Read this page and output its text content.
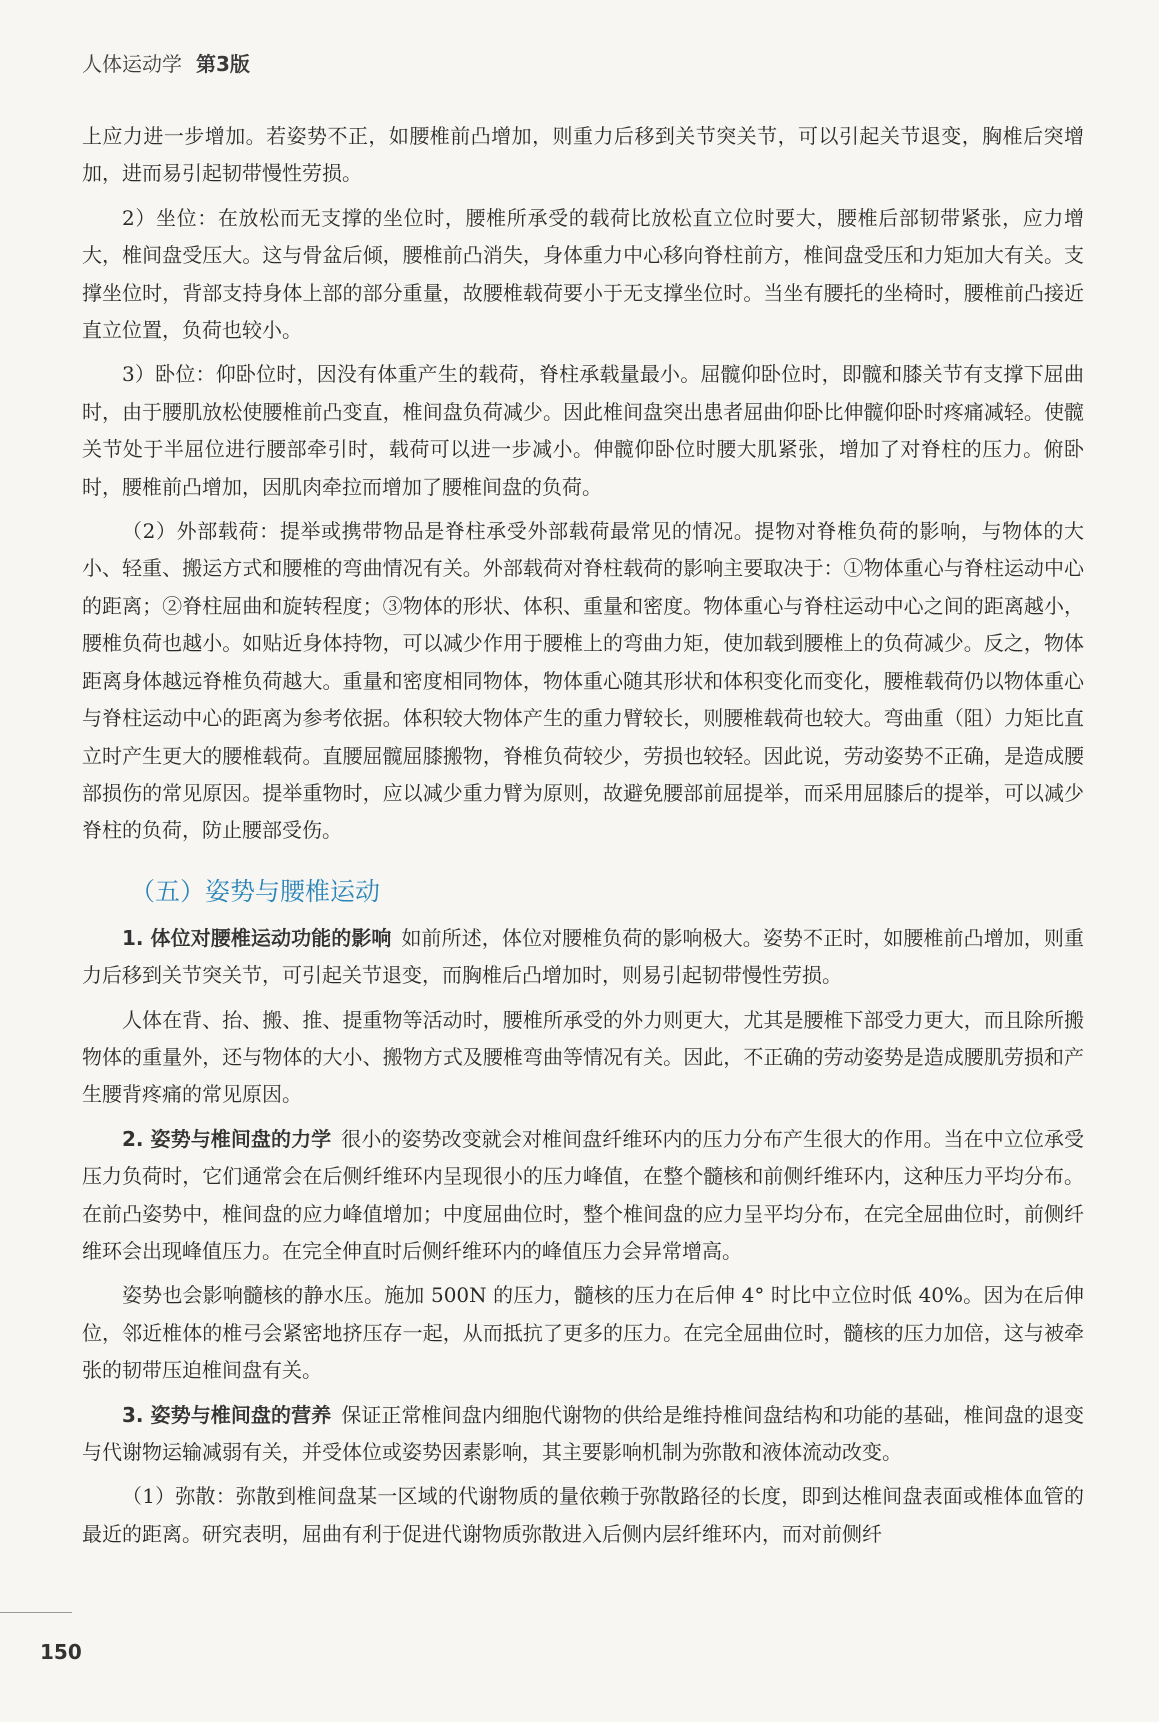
人体运动学 第3版

上应力进一步增加。若姿势不正，如腰椎前凸增加，则重力后移到关节突关节，可以引起关节退变，胸椎后突增加，进而易引起韧带慢性劳损。

2）坐位：在放松而无支撑的坐位时，腰椎所承受的载荷比放松直立位时要大，腰椎后部韧带紧张，应力增大，椎间盘受压大。这与骨盆后倾，腰椎前凸消失，身体重力中心移向脊柱前方，椎间盘受压和力矩加大有关。支撑坐位时，背部支持身体上部的部分重量，故腰椎载荷要小于无支撑坐位时。当坐有腰托的坐椅时，腰椎前凸接近直立位置，负荷也较小。

3）卧位：仰卧位时，因没有体重产生的载荷，脊柱承载量最小。屈髋仰卧位时，即髋和膝关节有支撑下屈曲时，由于腰肌放松使腰椎前凸变直，椎间盘负荷减少。因此椎间盘突出患者屈曲仰卧比伸髋仰卧时疼痛减轻。使髋关节处于半屈位进行腰部牵引时，载荷可以进一步减小。伸髋仰卧位时腰大肌紧张，增加了对脊柱的压力。俯卧时，腰椎前凸增加，因肌肉牵拉而增加了腰椎间盘的负荷。

（2）外部载荷：提举或携带物品是脊柱承受外部载荷最常见的情况。提物对脊椎负荷的影响，与物体的大小、轻重、搬运方式和腰椎的弯曲情况有关。外部载荷对脊柱载荷的影响主要取决于：①物体重心与脊柱运动中心的距离；②脊柱屈曲和旋转程度；③物体的形状、体积、重量和密度。物体重心与脊柱运动中心之间的距离越小，腰椎负荷也越小。如贴近身体持物，可以减少作用于腰椎上的弯曲力矩，使加载到腰椎上的负荷减少。反之，物体距离身体越远脊椎负荷越大。重量和密度相同物体，物体重心随其形状和体积变化而变化，腰椎载荷仍以物体重心与脊柱运动中心的距离为参考依据。体积较大物体产生的重力臂较长，则腰椎载荷也较大。弯曲重（阻）力矩比直立时产生更大的腰椎载荷。直腰屈髋屈膝搬物，脊椎负荷较少，劳损也较轻。因此说，劳动姿势不正确，是造成腰部损伤的常见原因。提举重物时，应以减少重力臂为原则，故避免腰部前屈提举，而采用屈膝后的提举，可以减少脊柱的负荷，防止腰部受伤。

（五）姿势与腰椎运动

1. 体位对腰椎运动功能的影响 如前所述，体位对腰椎负荷的影响极大。姿势不正时，如腰椎前凸增加，则重力后移到关节突关节，可引起关节退变，而胸椎后凸增加时，则易引起韧带慢性劳损。

人体在背、抬、搬、推、提重物等活动时，腰椎所承受的外力则更大，尤其是腰椎下部受力更大，而且除所搬物体的重量外，还与物体的大小、搬物方式及腰椎弯曲等情况有关。因此，不正确的劳动姿势是造成腰肌劳损和产生腰背疼痛的常见原因。

2. 姿势与椎间盘的力学 很小的姿势改变就会对椎间盘纤维环内的压力分布产生很大的作用。当在中立位承受压力负荷时，它们通常会在后侧纤维环内呈现很小的压力峰值，在整个髓核和前侧纤维环内，这种压力平均分布。在前凸姿势中，椎间盘的应力峰值增加；中度屈曲位时，整个椎间盘的应力呈平均分布，在完全屈曲位时，前侧纤维环会出现峰值压力。在完全伸直时后侧纤维环内的峰值压力会异常增高。

姿势也会影响髓核的静水压。施加 500N 的压力，髓核的压力在后伸 4° 时比中立位时低 40%。因为在后伸位，邻近椎体的椎弓会紧密地挤压存一起，从而抵抗了更多的压力。在完全屈曲位时，髓核的压力加倍，这与被牵张的韧带压迫椎间盘有关。

3. 姿势与椎间盘的营养 保证正常椎间盘内细胞代谢物的供给是维持椎间盘结构和功能的基础，椎间盘的退变与代谢物运输减弱有关，并受体位或姿势因素影响，其主要影响机制为弥散和液体流动改变。

（1）弥散：弥散到椎间盘某一区域的代谢物质的量依赖于弥散路径的长度，即到达椎间盘表面或椎体血管的最近的距离。研究表明，屈曲有利于促进代谢物质弥散进入后侧内层纤维环内，而对前侧纤

150
